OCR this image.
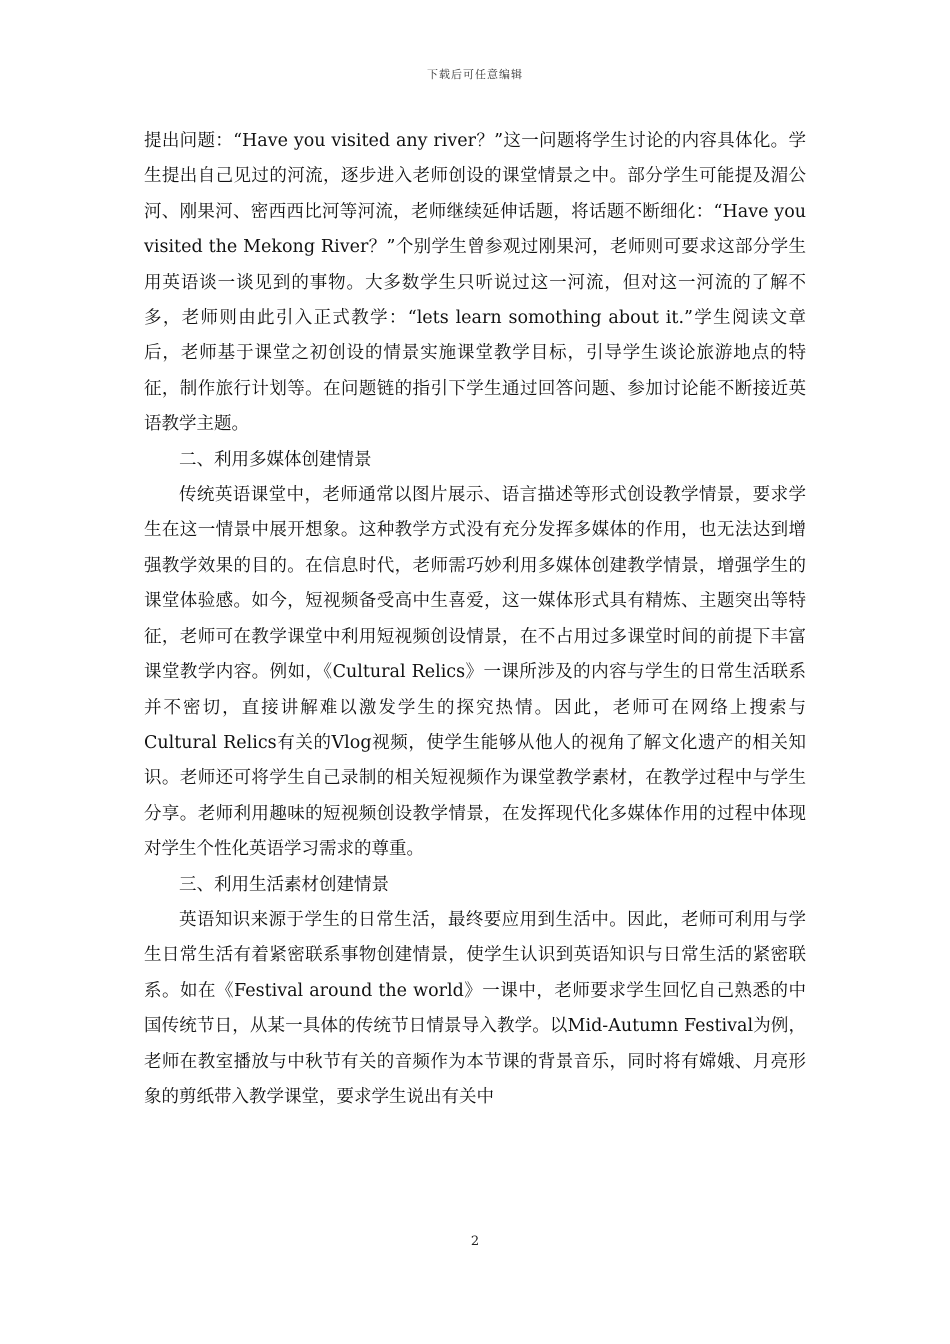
下载后可任意编辑

提出问题：“Have you visited any river？”这一问题将学生讨论的内容具体化。学生提出自己见过的河流，逐步进入老师创设的课堂情景之中。部分学生可能提及湄公河、刚果河、密西西比河等河流，老师继续延伸话题，将话题不断细化：“Have you visited the Mekong River？”个别学生曾参观过刚果河，老师则可要求这部分学生用英语谈一谈见到的事物。大多数学生只听说过这一河流，但对这一河流的了解不多，老师则由此引入正式教学：“lets learn somothing about it.”学生阅读文章后，老师基于课堂之初创设的情景实施课堂教学目标，引导学生谈论旅游地点的特征，制作旅行计划等。在问题链的指引下学生通过回答问题、参加讨论能不断接近英语教学主题。

二、利用多媒体创建情景

传统英语课堂中，老师通常以图片展示、语言描述等形式创设教学情景，要求学生在这一情景中展开想象。这种教学方式没有充分发挥多媒体的作用，也无法达到增强教学效果的目的。在信息时代，老师需巧妙利用多媒体创建教学情景，增强学生的课堂体验感。如今，短视频备受高中生喜爱，这一媒体形式具有精炼、主题突出等特征，老师可在教学课堂中利用短视频创设情景，在不占用过多课堂时间的前提下丰富课堂教学内容。例如，《Cultural Relics》一课所涉及的内容与学生的日常生活联系并不密切，直接讲解难以激发学生的探究热情。因此，老师可在网络上搜索与Cultural Relics有关的Vlog视频，使学生能够从他人的视角了解文化遗产的相关知识。老师还可将学生自己录制的相关短视频作为课堂教学素材，在教学过程中与学生分享。老师利用趣味的短视频创设教学情景，在发挥现代化多媒体作用的过程中体现对学生个性化英语学习需求的尊重。

三、利用生活素材创建情景

英语知识来源于学生的日常生活，最终要应用到生活中。因此，老师可利用与学生日常生活有着紧密联系事物创建情景，使学生认识到英语知识与日常生活的紧密联系。如在《Festival around the world》一课中，老师要求学生回忆自己熟悉的中国传统节日，从某一具体的传统节日情景导入教学。以Mid-Autumn Festival为例，老师在教室播放与中秋节有关的音频作为本节课的背景音乐，同时将有嫦娥、月亮形象的剪纸带入教学课堂，要求学生说出有关中

2
